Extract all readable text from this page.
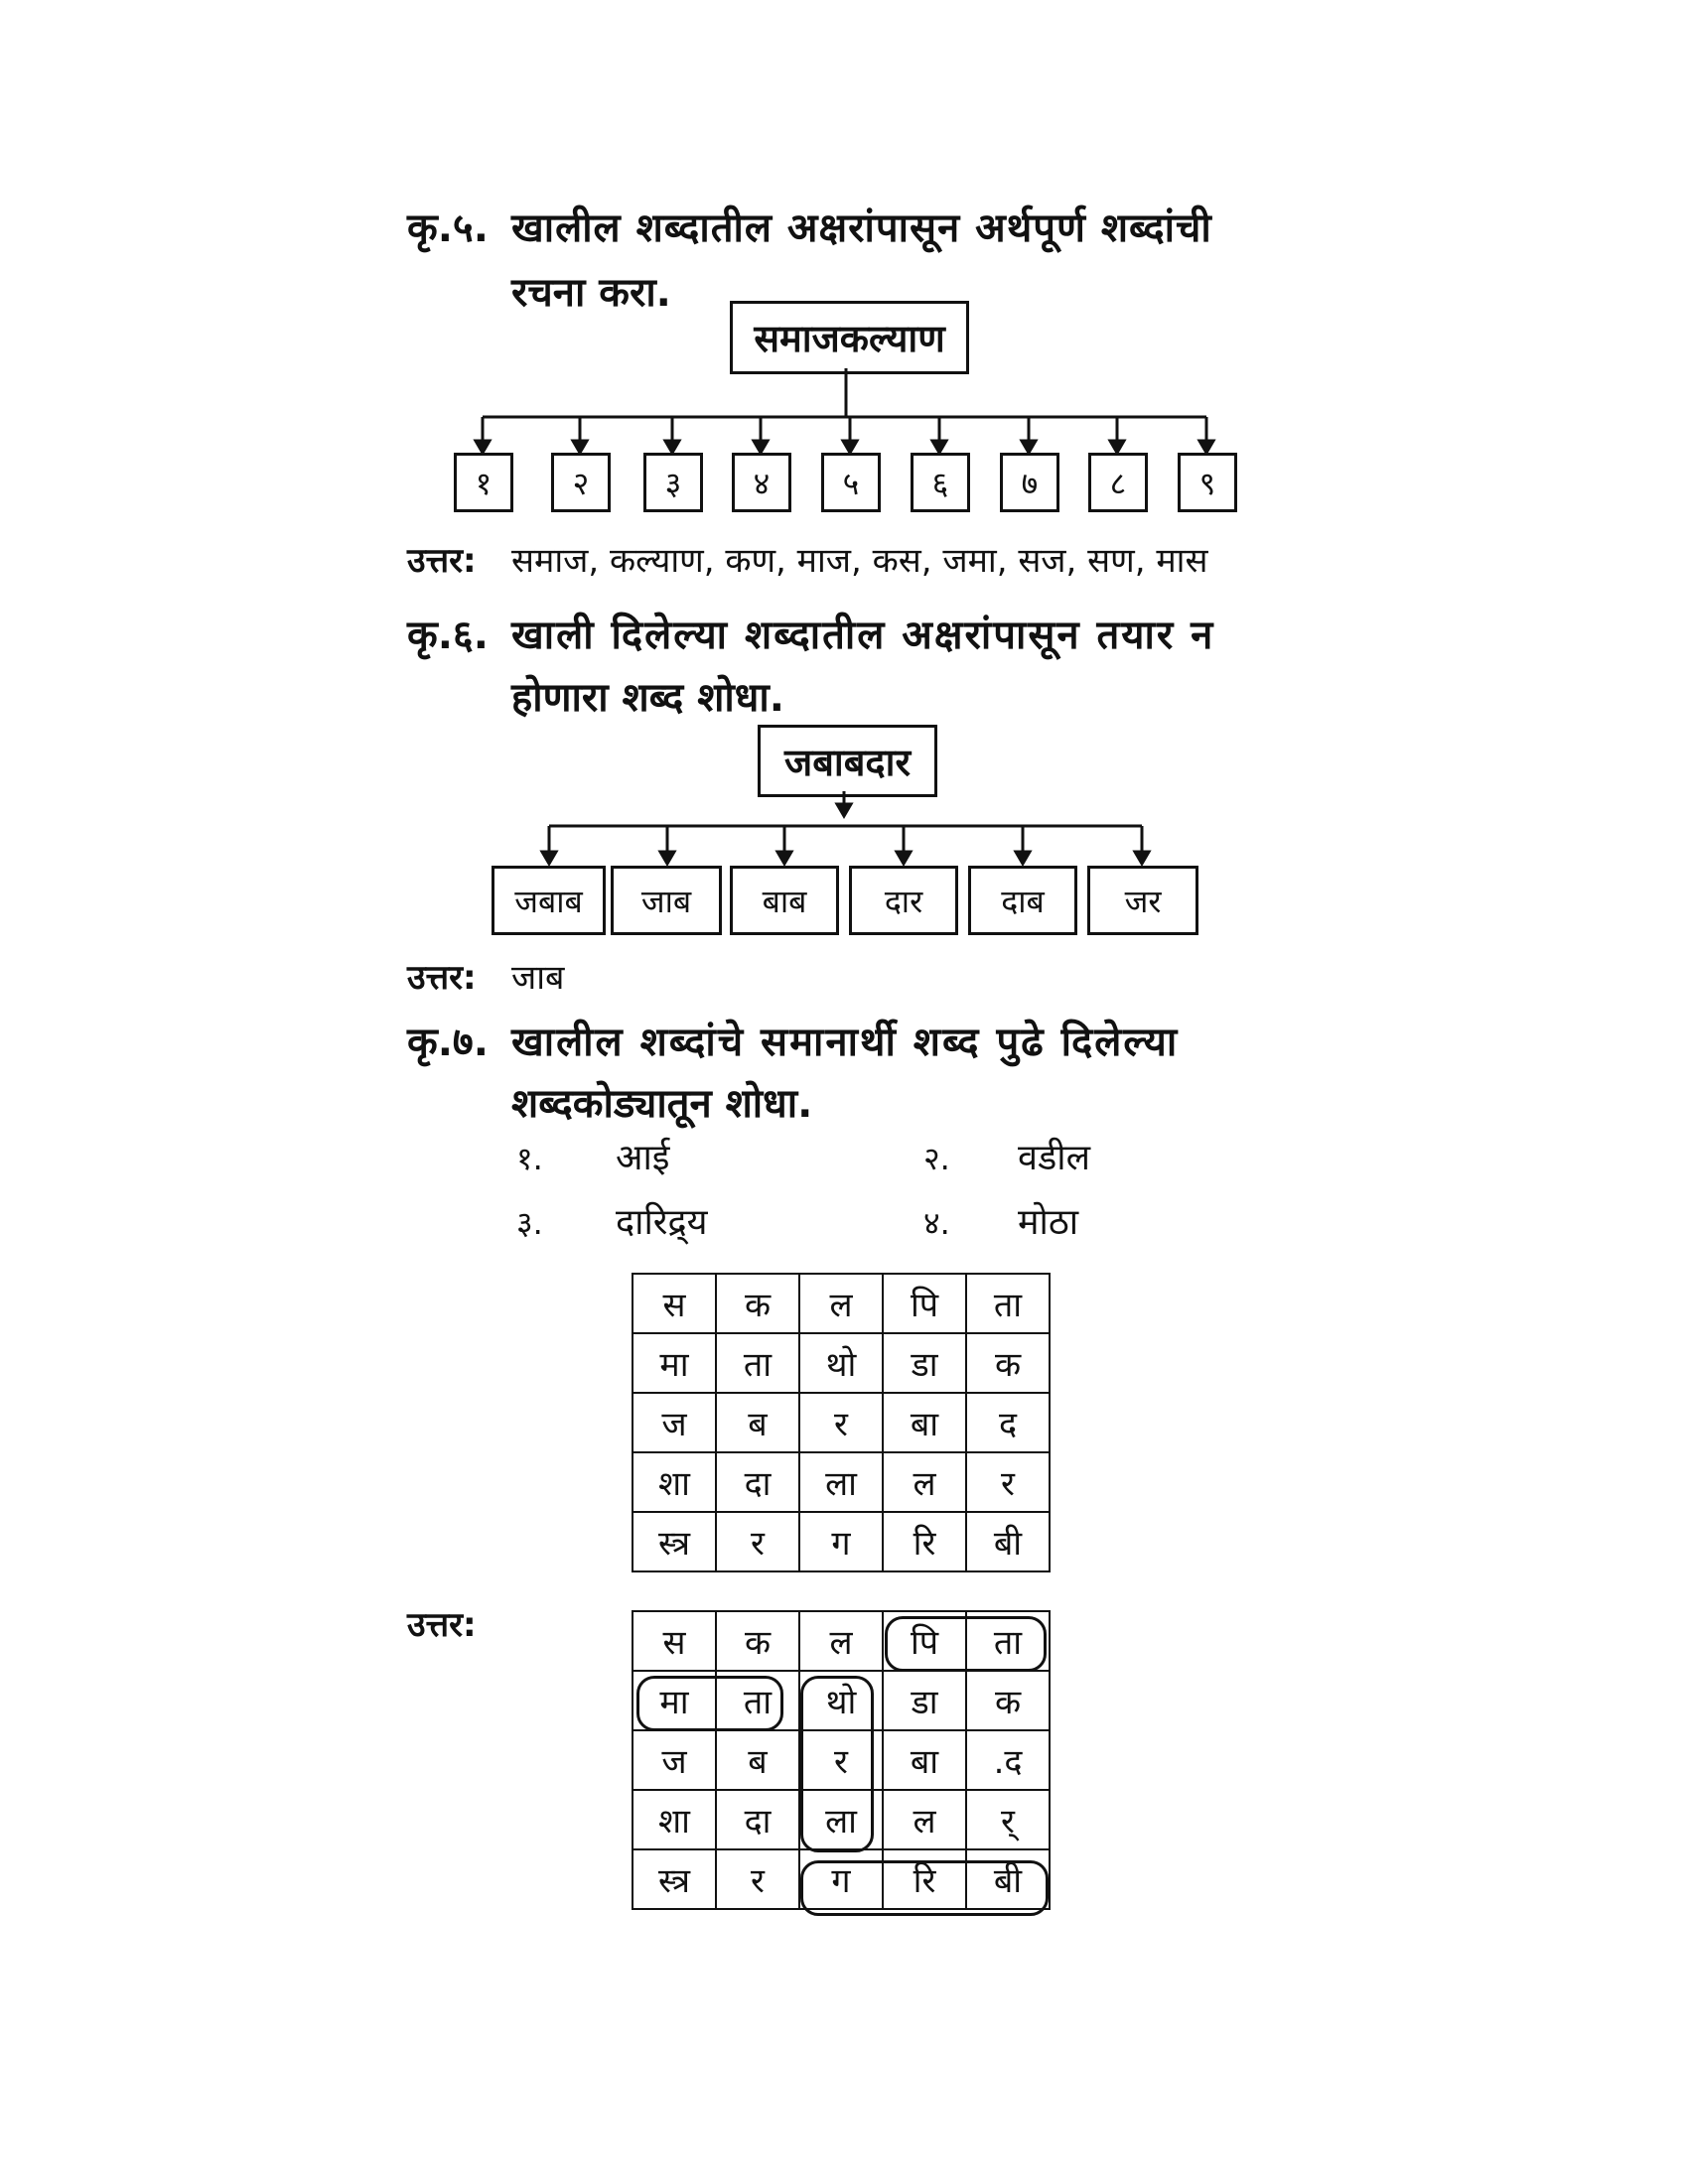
कृ.५. खालील शब्दातील अक्षरांपासून अर्थपूर्ण शब्दांची
रचना करा.
समाजकल्याण
१	२ ३ ४ ५ ६ ७ ८ ९
उत्तर: समाज, कल्याण, कण, माज, कस, जमा, सज, सण, मास
कृ.६. खाली दिलेल्या शब्दातील अक्षरांपासून तयार न
होणारा शब्द शोधा.
जबाबदार
जबाब जाब बाब दार दाब	जर
उत्तर: जाब
कृ.७. खालील शब्दांचे समानार्थी शब्द पुढे दिलेल्या
शब्दकोड्यातून शोधा.
१. आई	२. वडील
३. दारिद्र्य	४. मोठा
स	क	ल	पि	ता
मा	ता	थो	डा	क
ज	ब	र	बा	द
शा	दा	ला	ल	र
स्त्र	र	ग	रि	बी
उत्तर:	स	क	ल	पि	ता
मा	ता	थो	डा	क
ज	ब	र	बा	.द
शा	दा	ला	ल	र्
स्त्र	र	ग	रि	बी
